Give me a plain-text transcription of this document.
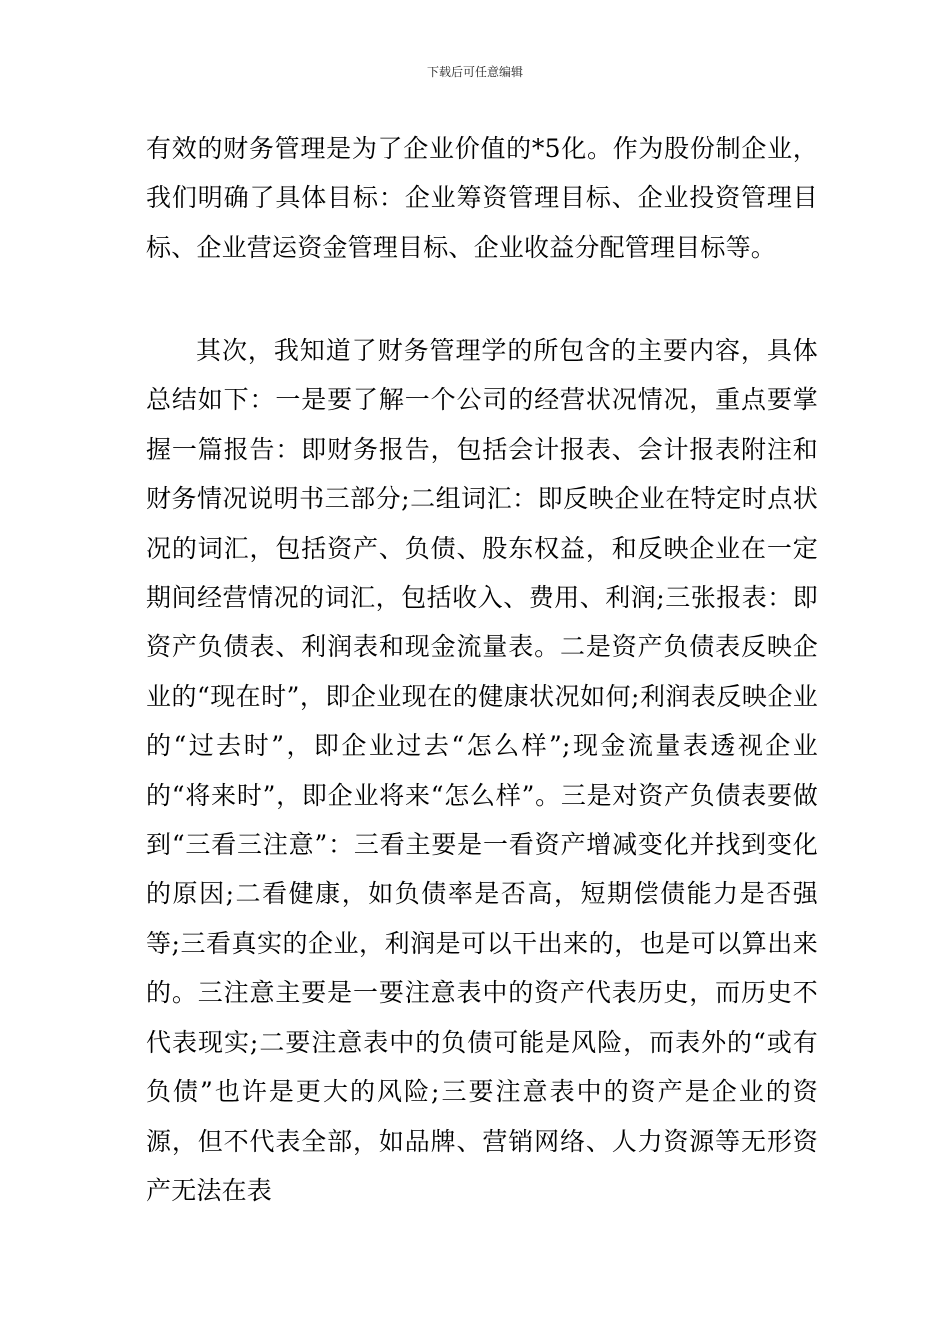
下载后可任意编辑

有效的财务管理是为了企业价值的*5化。作为股份制企业，我们明确了具体目标：企业筹资管理目标、企业投资管理目标、企业营运资金管理目标、企业收益分配管理目标等。

其次，我知道了财务管理学的所包含的主要内容，具体总结如下：一是要了解一个公司的经营状况情况，重点要掌握一篇报告：即财务报告，包括会计报表、会计报表附注和财务情况说明书三部分;二组词汇：即反映企业在特定时点状况的词汇，包括资产、负债、股东权益，和反映企业在一定期间经营情况的词汇，包括收入、费用、利润;三张报表：即资产负债表、利润表和现金流量表。二是资产负债表反映企业的“现在时”，即企业现在的健康状况如何;利润表反映企业的“过去时”，即企业过去“怎么样”;现金流量表透视企业的“将来时”，即企业将来“怎么样”。三是对资产负债表要做到“三看三注意”：三看主要是一看资产增减变化并找到变化的原因;二看健康，如负债率是否高，短期偿债能力是否强等;三看真实的企业，利润是可以干出来的，也是可以算出来的。三注意主要是一要注意表中的资产代表历史，而历史不代表现实;二要注意表中的负债可能是风险，而表外的“或有负债”也许是更大的风险;三要注意表中的资产是企业的资源，但不代表全部，如品牌、营销网络、人力资源等无形资产无法在表
